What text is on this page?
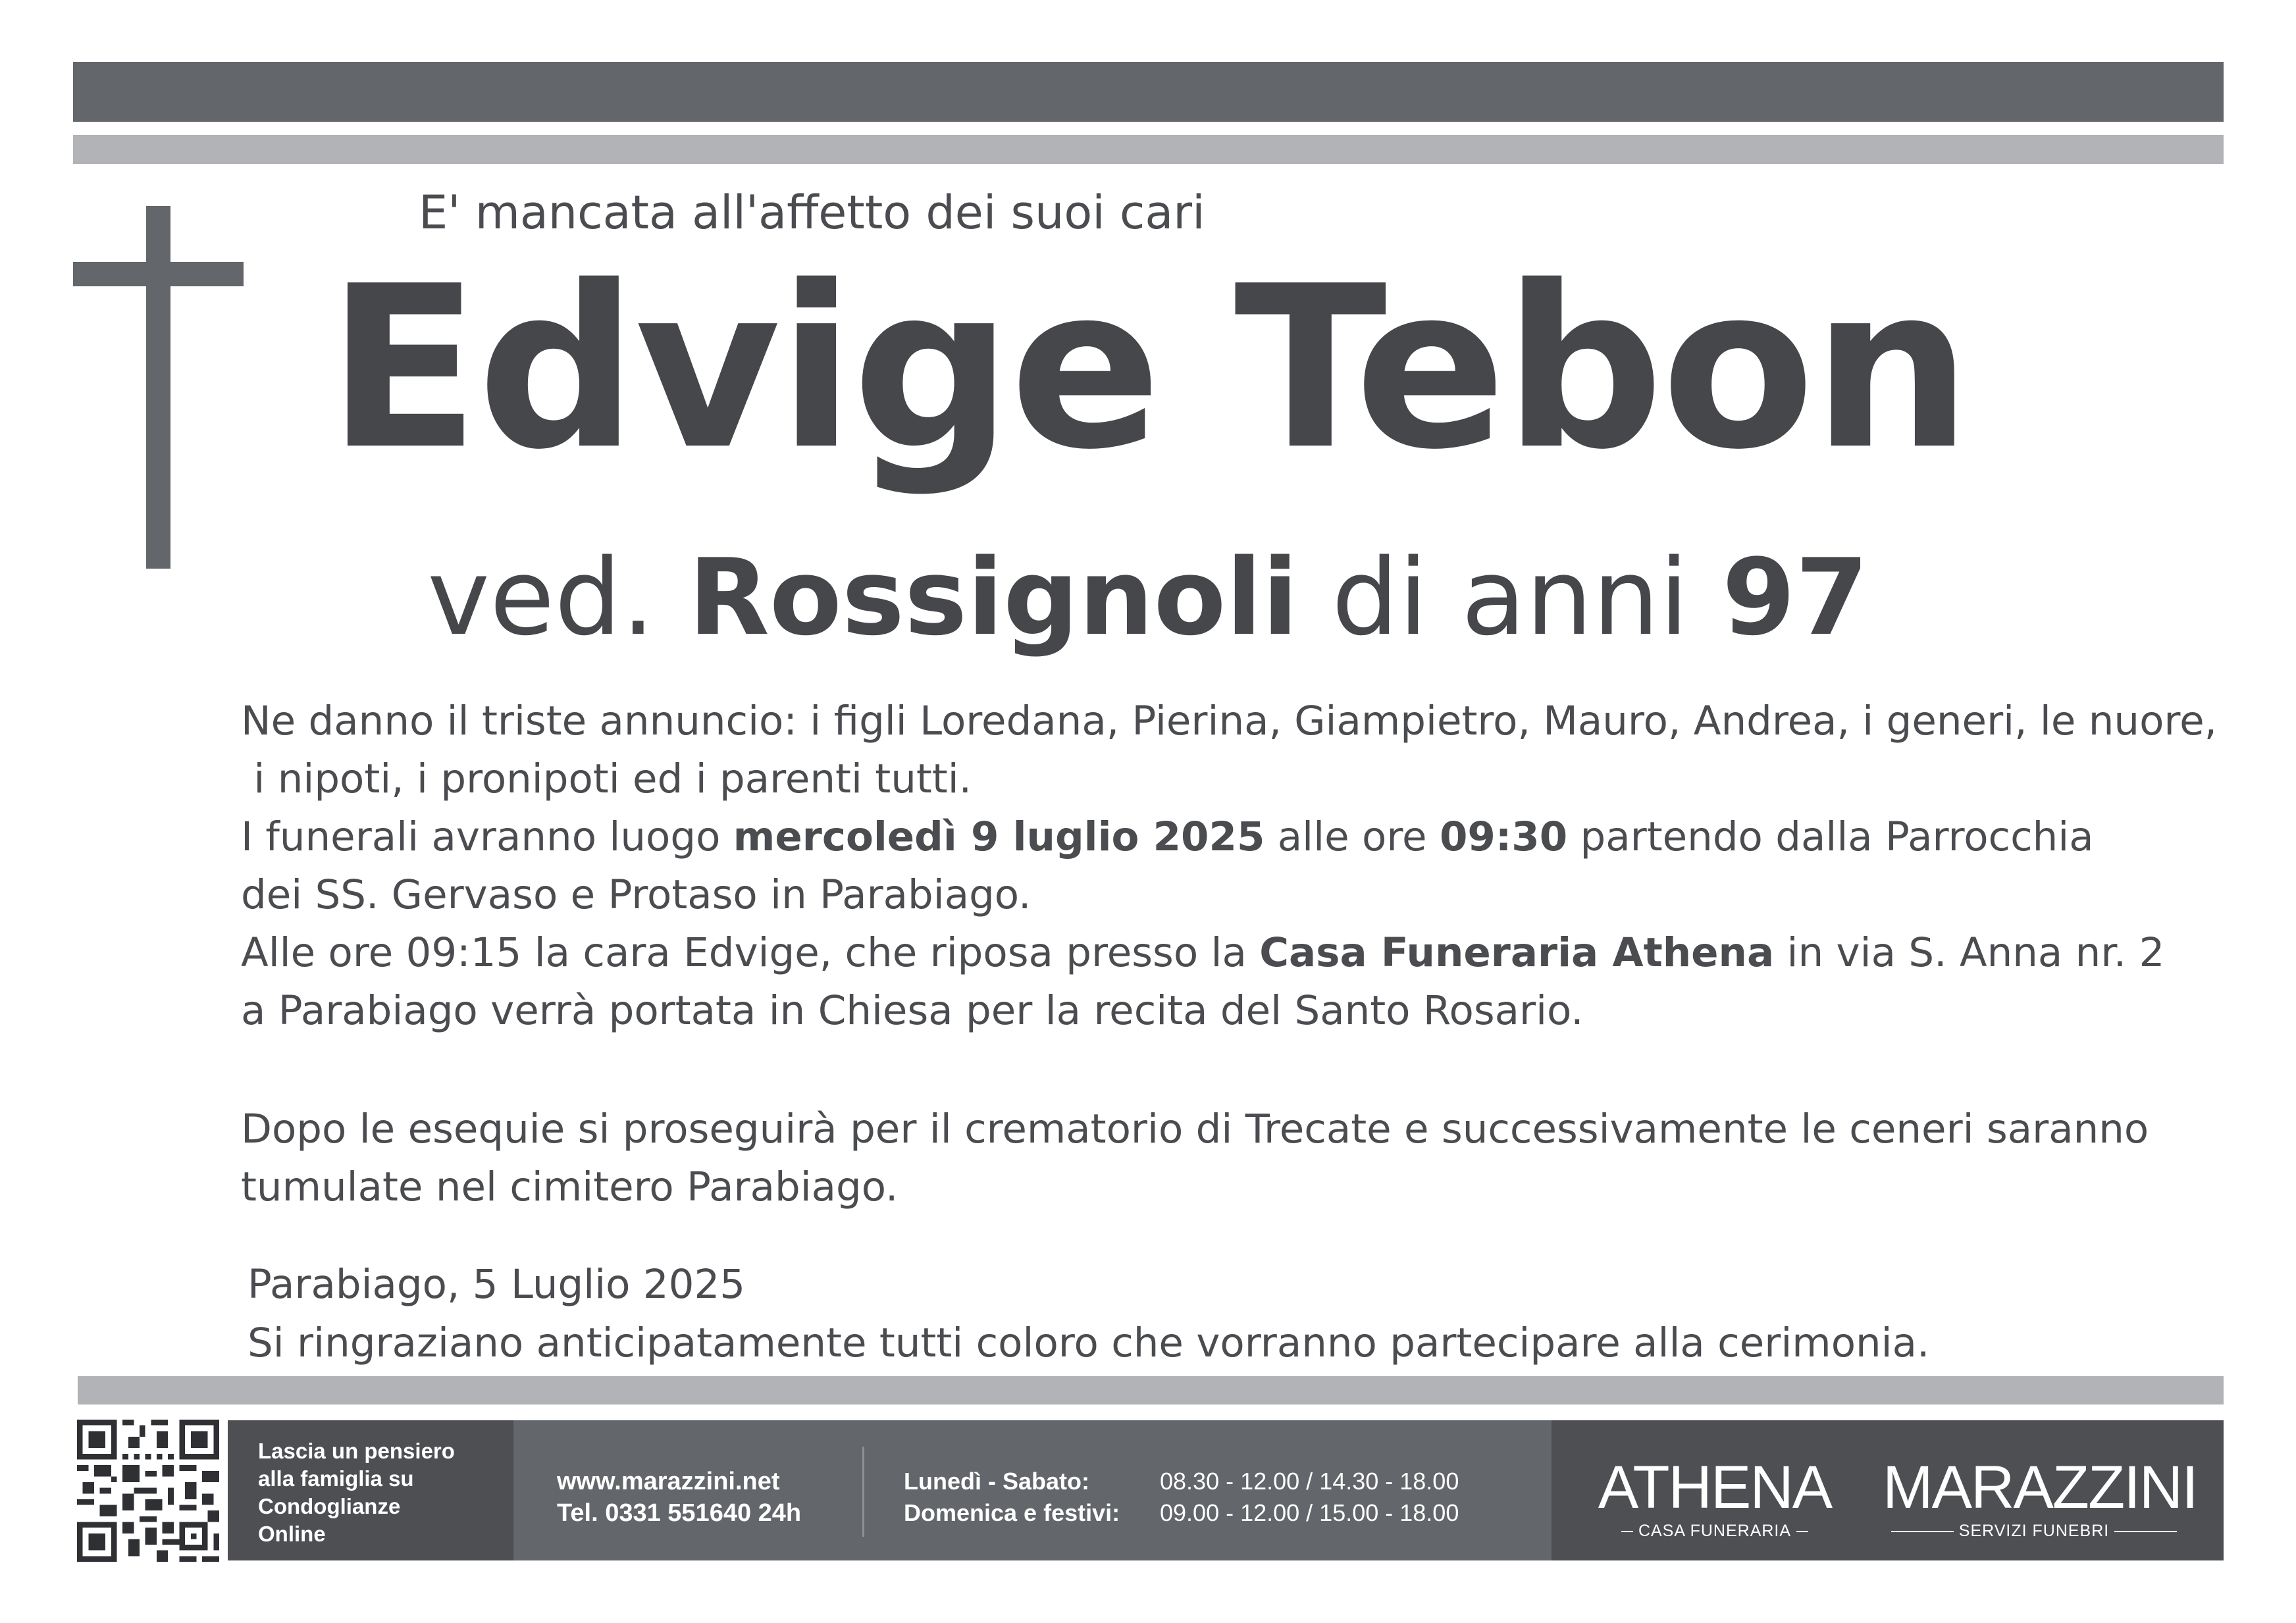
E' mancata all'affetto dei suoi cari
Edvige Tebon
ved. Rossignoli di anni 97
Ne danno il triste annuncio: i figli Loredana, Pierina, Giampietro, Mauro, Andrea, i generi, le nuore,
i nipoti, i pronipoti ed i parenti tutti.
I funerali avranno luogo mercoledì 9 luglio 2025 alle ore 09:30 partendo dalla Parrocchia
dei SS. Gervaso e Protaso in Parabiago.
Alle ore 09:15 la cara Edvige, che riposa presso la Casa Funeraria Athena in via S. Anna nr. 2
a Parabiago verrà portata in Chiesa per la recita del Santo Rosario.
Dopo le esequie si proseguirà per il crematorio di Trecate e successivamente le ceneri saranno
tumulate nel cimitero Parabiago.
Parabiago, 5 Luglio 2025
Si ringraziano anticipatamente tutti coloro che vorranno partecipare alla cerimonia.
Lascia un pensiero
alla famiglia su
Condoglianze
Online
www.marazzini.net
Tel. 0331 551640 24h
Lunedì - Sabato:
Domenica e festivi:
08.30 - 12.00 / 14.30 - 18.00
09.00 - 12.00 / 15.00 - 18.00 ATHENA
CASA FUNERARIA
MARAZZINI
SERVIZI FUNEBRI
